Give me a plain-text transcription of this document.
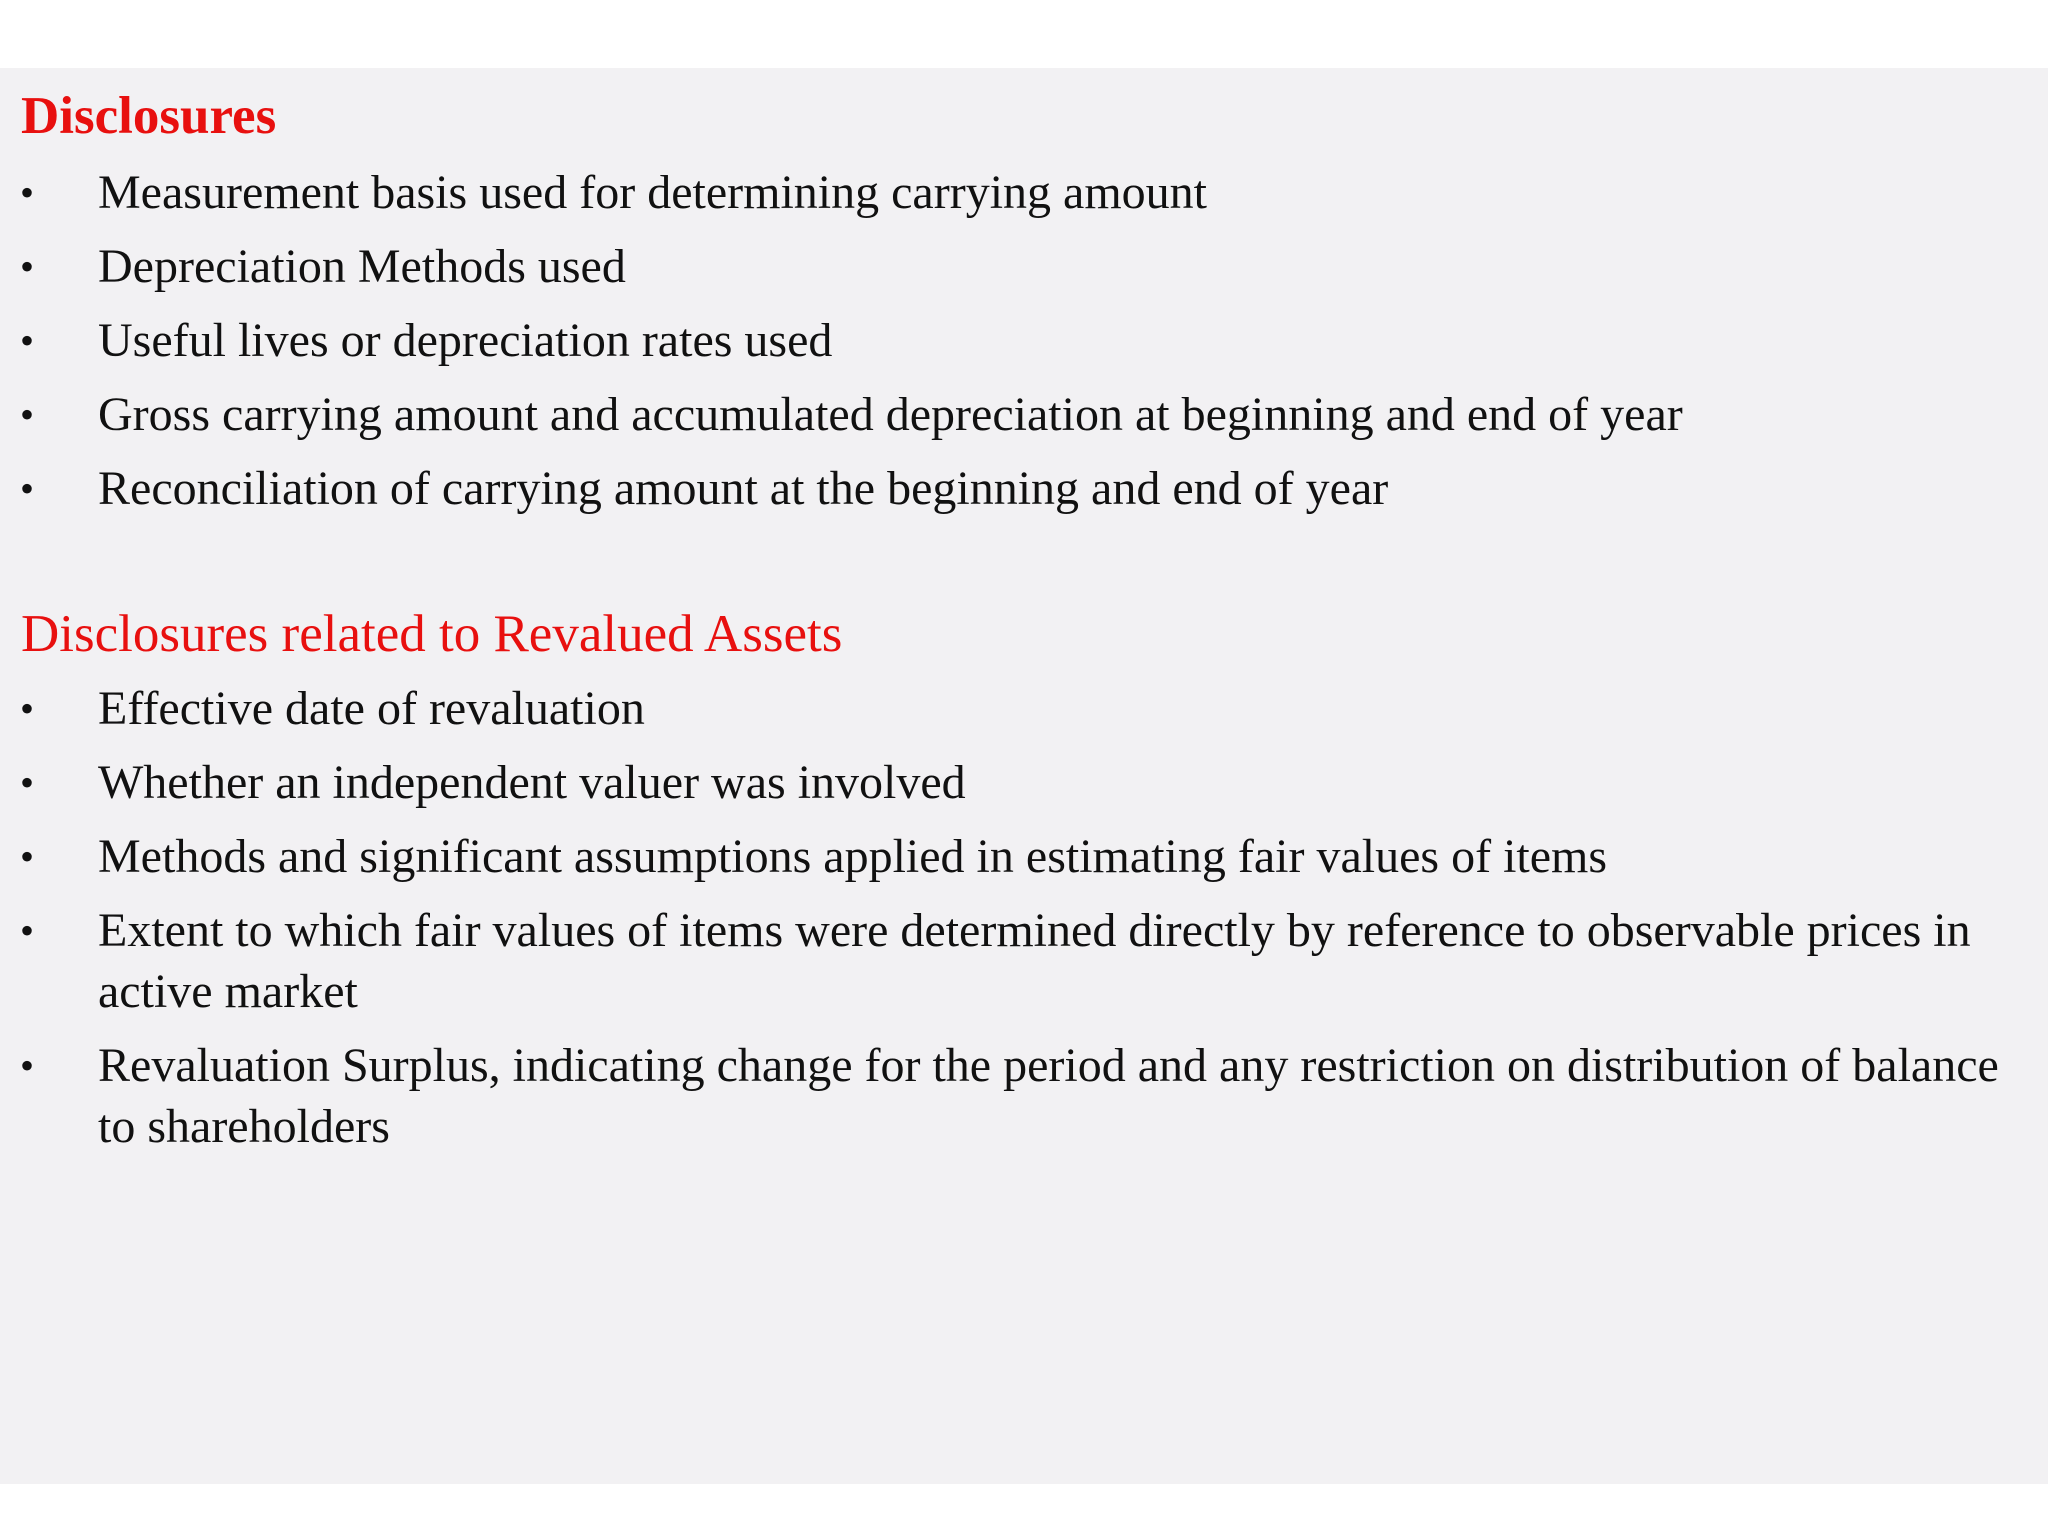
Disclosures
• Measurement basis used for determining carrying amount
• Depreciation Methods used
• Useful lives or depreciation rates used
• Gross carrying amount and accumulated depreciation at beginning and end of year
• Reconciliation of carrying amount at the beginning and end of year
Disclosures related to Revalued Assets
• Effective date of revaluation
• Whether an independent valuer was involved
• Methods and significant assumptions applied in estimating fair values of items
• Extent to which fair values of items were determined directly by reference to observable prices in active market
• Revaluation Surplus, indicating change for the period and any restriction on distribution of balance to shareholders
